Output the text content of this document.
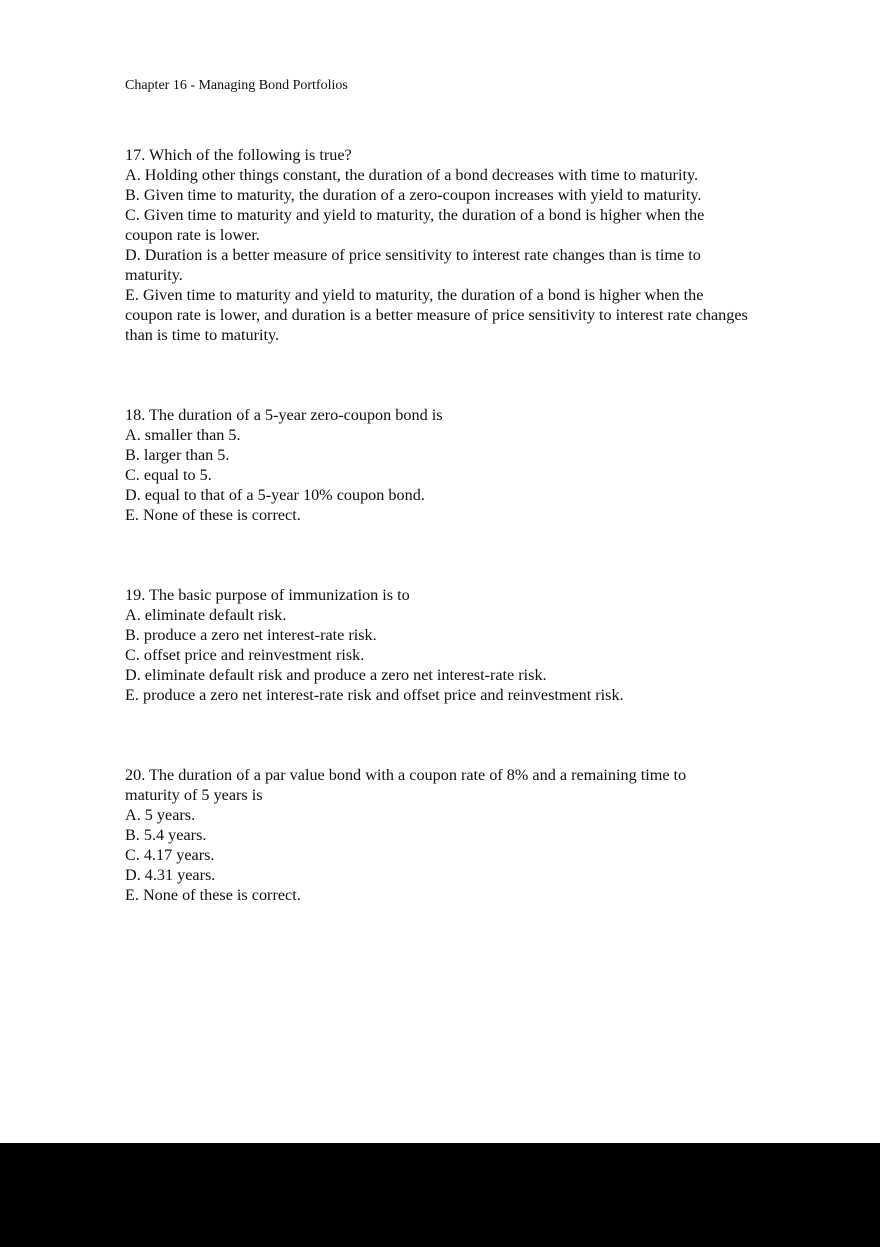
Chapter 16 - Managing Bond Portfolios
17. Which of the following is true?
A. Holding other things constant, the duration of a bond decreases with time to maturity.
B. Given time to maturity, the duration of a zero-coupon increases with yield to maturity.
C. Given time to maturity and yield to maturity, the duration of a bond is higher when the coupon rate is lower.
D. Duration is a better measure of price sensitivity to interest rate changes than is time to maturity.
E. Given time to maturity and yield to maturity, the duration of a bond is higher when the coupon rate is lower, and duration is a better measure of price sensitivity to interest rate changes than is time to maturity.
18. The duration of a 5-year zero-coupon bond is
A. smaller than 5.
B. larger than 5.
C. equal to 5.
D. equal to that of a 5-year 10% coupon bond.
E. None of these is correct.
19. The basic purpose of immunization is to
A. eliminate default risk.
B. produce a zero net interest-rate risk.
C. offset price and reinvestment risk.
D. eliminate default risk and produce a zero net interest-rate risk.
E. produce a zero net interest-rate risk and offset price and reinvestment risk.
20. The duration of a par value bond with a coupon rate of 8% and a remaining time to maturity of 5 years is
A. 5 years.
B. 5.4 years.
C. 4.17 years.
D. 4.31 years.
E. None of these is correct.
